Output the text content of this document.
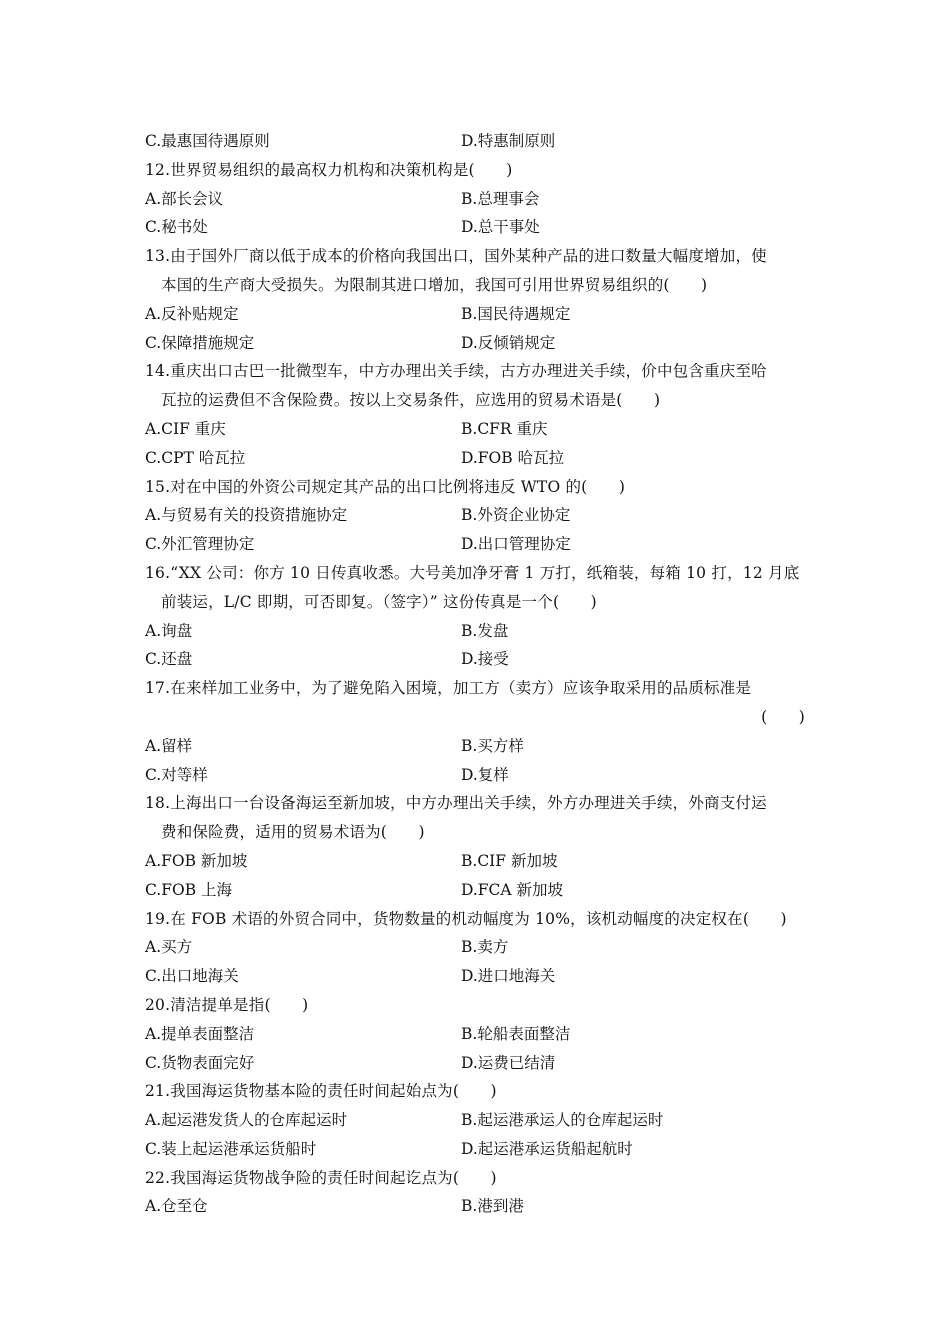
C.最惠国待遇原则	D.特惠制原则
12.世界贸易组织的最高权力机构和决策机构是(　　)
A.部长会议	B.总理事会
C.秘书处	D.总干事处
13.由于国外厂商以低于成本的价格向我国出口，国外某种产品的进口数量大幅度增加，使
本国的生产商大受损失。为限制其进口增加，我国可引用世界贸易组织的(　　)
A.反补贴规定	B.国民待遇规定
C.保障措施规定	D.反倾销规定
14.重庆出口古巴一批微型车，中方办理出关手续，古方办理进关手续，价中包含重庆至哈
瓦拉的运费但不含保险费。按以上交易条件，应选用的贸易术语是(　　)
A.CIF 重庆	B.CFR 重庆
C.CPT 哈瓦拉	D.FOB 哈瓦拉
15.对在中国的外资公司规定其产品的出口比例将违反 WTO 的(　　)
A.与贸易有关的投资措施协定	B.外资企业协定
C.外汇管理协定	D.出口管理协定
16.“XX 公司：你方 10 日传真收悉。大号美加净牙膏 1 万打，纸箱装，每箱 10 打，12 月底
前装运，L/C 即期，可否即复。（签字）” 这份传真是一个(　　)
A.询盘	B.发盘
C.还盘	D.接受
17.在来样加工业务中，为了避免陷入困境，加工方（卖方）应该争取采用的品质标准是
(　　)
A.留样	B.买方样
C.对等样	D.复样
18.上海出口一台设备海运至新加坡，中方办理出关手续，外方办理进关手续，外商支付运
费和保险费，适用的贸易术语为(　　)
A.FOB 新加坡	B.CIF 新加坡
C.FOB 上海	D.FCA 新加坡
19.在 FOB 术语的外贸合同中，货物数量的机动幅度为 10%，该机动幅度的决定权在(　　)
A.买方	B.卖方
C.出口地海关	D.进口地海关
20.清洁提单是指(　　)
A.提单表面整洁	B.轮船表面整洁
C.货物表面完好	D.运费已结清
21.我国海运货物基本险的责任时间起始点为(　　)
A.起运港发货人的仓库起运时	B.起运港承运人的仓库起运时
C.装上起运港承运货船时	D.起运港承运货船起航时
22.我国海运货物战争险的责任时间起讫点为(　　)
A.仓至仓	B.港到港
